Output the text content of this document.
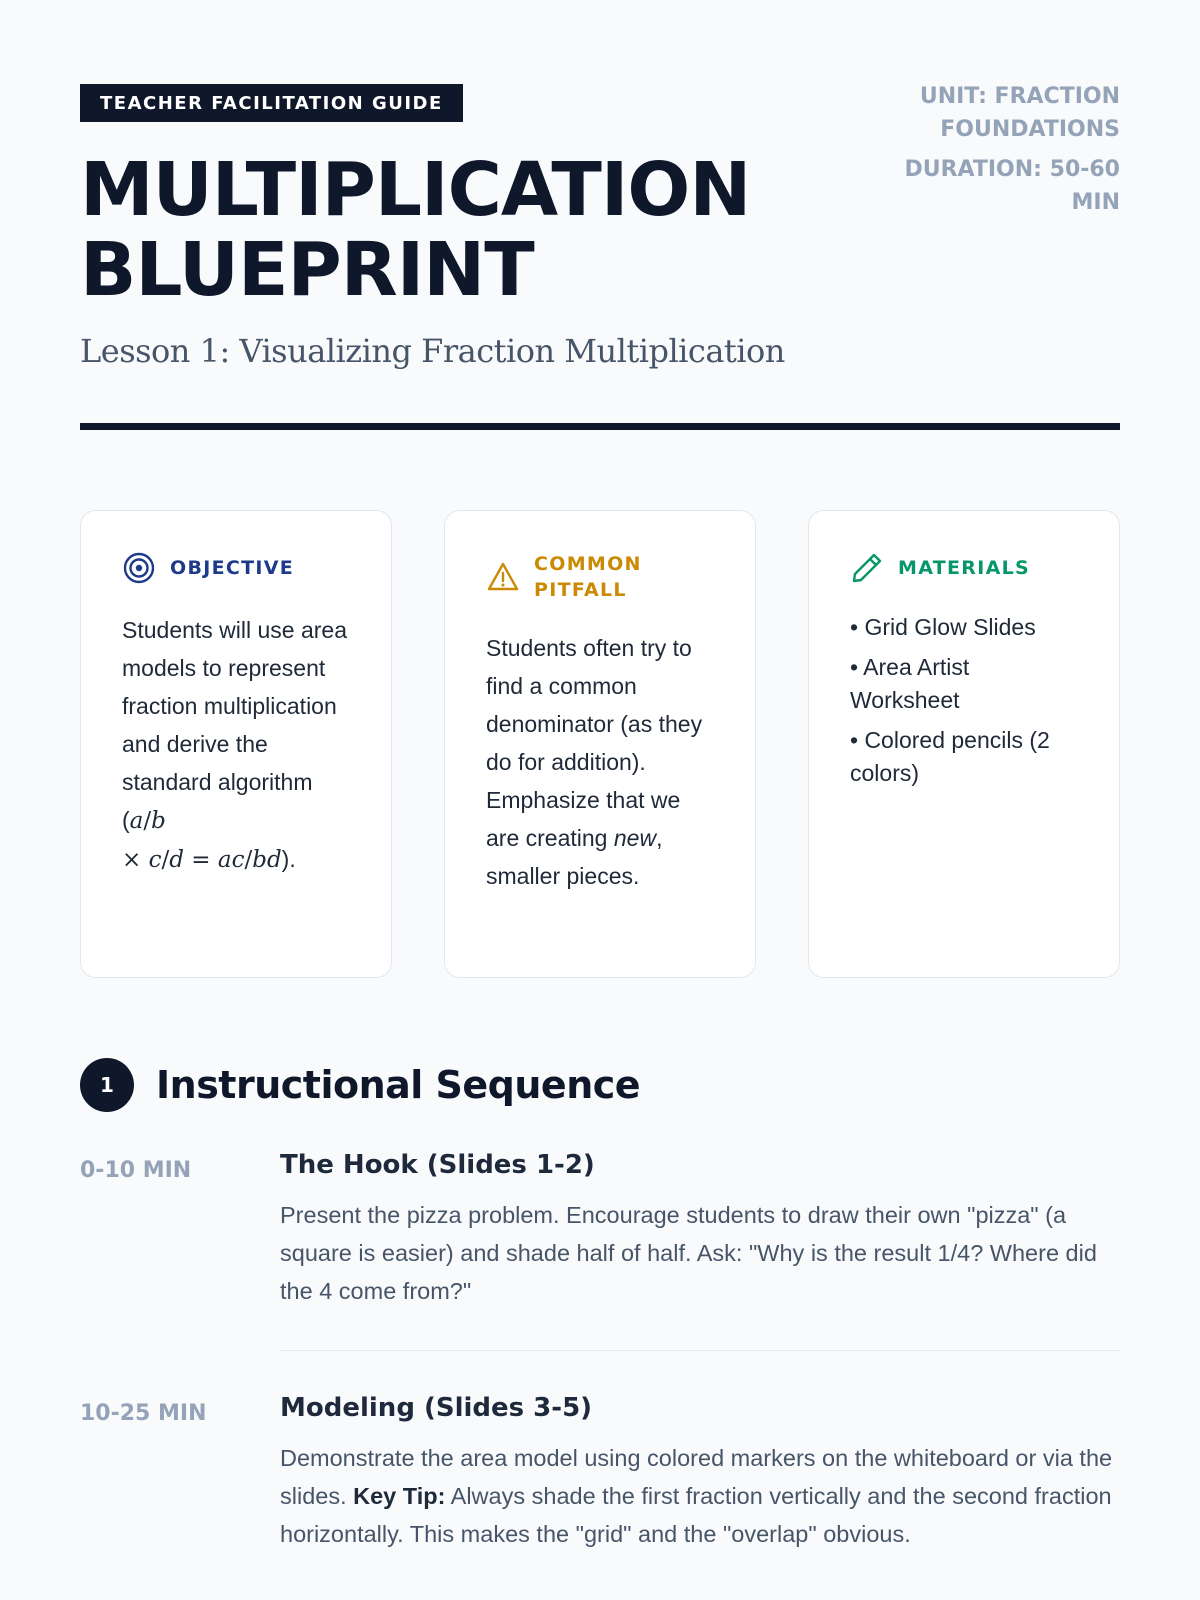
TEACHER FACILITATION GUIDE
MULTIPLICATION BLUEPRINT
Lesson 1: Visualizing Fraction Multiplication
UNIT: FRACTION FOUNDATIONS
DURATION: 50-60 MIN
OBJECTIVE
Students will use area models to represent fraction multiplication and derive the standard algorithm (a/b
× c/d = ac/bd).
COMMON PITFALL
Students often try to find a common denominator (as they do for addition). Emphasize that we are creating new, smaller pieces.
MATERIALS
• Grid Glow Slides
• Area Artist Worksheet
• Colored pencils (2 colors)
1	Instructional Sequence
0-10 MIN	The Hook (Slides 1-2)
Present the pizza problem. Encourage students to draw their own "pizza" (a square is easier) and shade half of half. Ask: "Why is the result 1/4? Where did the 4 come from?"
10-25 MIN	Modeling (Slides 3-5)
Demonstrate the area model using colored markers on the whiteboard or via the slides. Key Tip: Always shade the first fraction vertically and the second fraction horizontally. This makes the "grid" and the "overlap" obvious.
